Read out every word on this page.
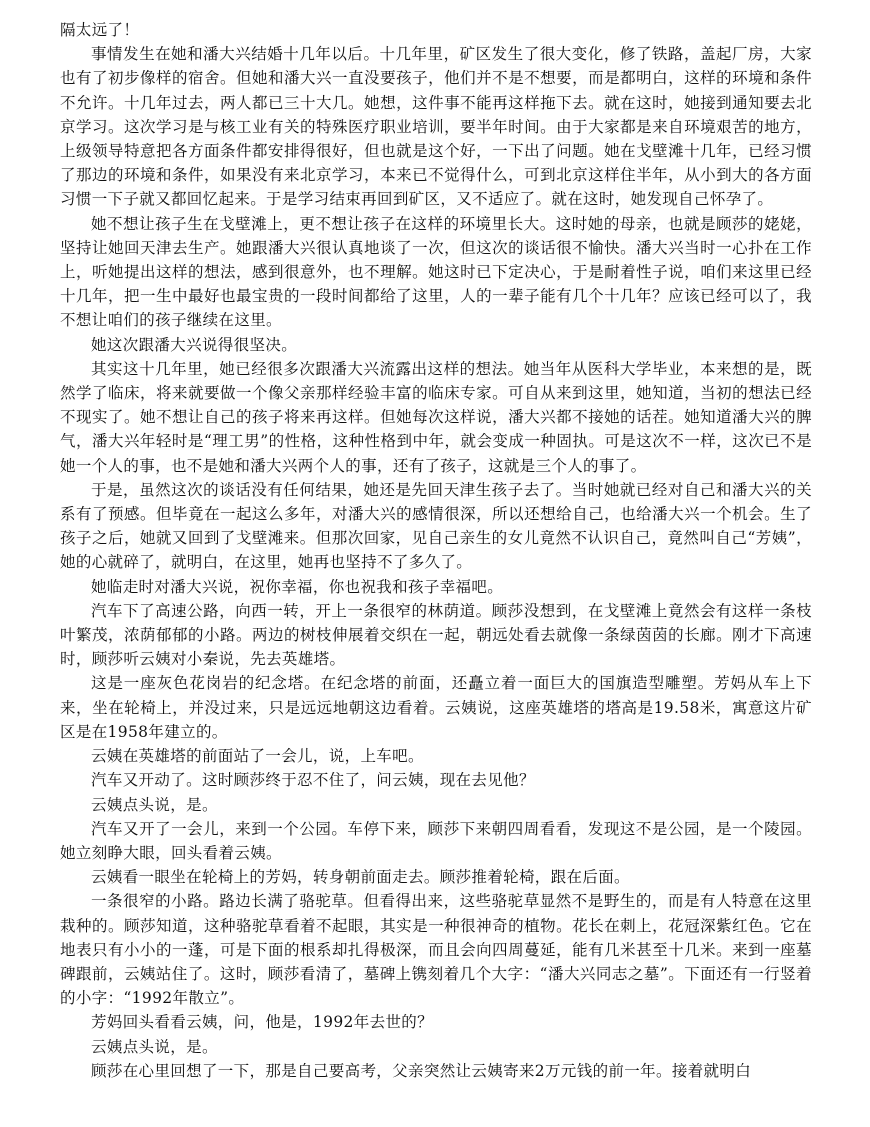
隔太远了！

事情发生在她和潘大兴结婚十几年以后。十几年里，矿区发生了很大变化，修了铁路，盖起厂房，大家也有了初步像样的宿舍。但她和潘大兴一直没要孩子，他们并不是不想要，而是都明白，这样的环境和条件不允许。十几年过去，两人都已三十大几。她想，这件事不能再这样拖下去。就在这时，她接到通知要去北京学习。这次学习是与核工业有关的特殊医疗职业培训，要半年时间。由于大家都是来自环境艰苦的地方，上级领导特意把各方面条件都安排得很好，但也就是这个好，一下出了问题。她在戈壁滩十几年，已经习惯了那边的环境和条件，如果没有来北京学习，本来已不觉得什么，可到北京这样住半年，从小到大的各方面习惯一下子就又都回忆起来。于是学习结束再回到矿区，又不适应了。就在这时，她发现自己怀孕了。

她不想让孩子生在戈壁滩上，更不想让孩子在这样的环境里长大。这时她的母亲，也就是顾莎的姥姥，坚持让她回天津去生产。她跟潘大兴很认真地谈了一次，但这次的谈话很不愉快。潘大兴当时一心扑在工作上，听她提出这样的想法，感到很意外，也不理解。她这时已下定决心，于是耐着性子说，咱们来这里已经十几年，把一生中最好也最宝贵的一段时间都给了这里，人的一辈子能有几个十几年？应该已经可以了，我不想让咱们的孩子继续在这里。

她这次跟潘大兴说得很坚决。

其实这十几年里，她已经很多次跟潘大兴流露出这样的想法。她当年从医科大学毕业，本来想的是，既然学了临床，将来就要做一个像父亲那样经验丰富的临床专家。可自从来到这里，她知道，当初的想法已经不现实了。她不想让自己的孩子将来再这样。但她每次这样说，潘大兴都不接她的话茬。她知道潘大兴的脾气，潘大兴年轻时是“理工男”的性格，这种性格到中年，就会变成一种固执。可是这次不一样，这次已不是她一个人的事，也不是她和潘大兴两个人的事，还有了孩子，这就是三个人的事了。

于是，虽然这次的谈话没有任何结果，她还是先回天津生孩子去了。当时她就已经对自己和潘大兴的关系有了预感。但毕竟在一起这么多年，对潘大兴的感情很深，所以还想给自己，也给潘大兴一个机会。生了孩子之后，她就又回到了戈壁滩来。但那次回家，见自己亲生的女儿竟然不认识自己，竟然叫自己“芳姨”，她的心就碎了，就明白，在这里，她再也坚持不了多久了。

她临走时对潘大兴说，祝你幸福，你也祝我和孩子幸福吧。

汽车下了高速公路，向西一转，开上一条很窄的林荫道。顾莎没想到，在戈壁滩上竟然会有这样一条枝叶繁茂，浓荫郁郁的小路。两边的树枝伸展着交织在一起，朝远处看去就像一条绿茵茵的长廊。刚才下高速时，顾莎听云姨对小秦说，先去英雄塔。

这是一座灰色花岗岩的纪念塔。在纪念塔的前面，还矗立着一面巨大的国旗造型雕塑。芳妈从车上下来，坐在轮椅上，并没过来，只是远远地朝这边看着。云姨说，这座英雄塔的塔高是19.58米，寓意这片矿区是在1958年建立的。

云姨在英雄塔的前面站了一会儿，说，上车吧。

汽车又开动了。这时顾莎终于忍不住了，问云姨，现在去见他？

云姨点头说，是。

汽车又开了一会儿，来到一个公园。车停下来，顾莎下来朝四周看看，发现这不是公园，是一个陵园。她立刻睁大眼，回头看着云姨。

云姨看一眼坐在轮椅上的芳妈，转身朝前面走去。顾莎推着轮椅，跟在后面。

一条很窄的小路。路边长满了骆驼草。但看得出来，这些骆驼草显然不是野生的，而是有人特意在这里栽种的。顾莎知道，这种骆驼草看着不起眼，其实是一种很神奇的植物。花长在刺上，花冠深紫红色。它在地表只有小小的一蓬，可是下面的根系却扎得极深，而且会向四周蔓延，能有几米甚至十几米。来到一座墓碑跟前，云姨站住了。这时，顾莎看清了，墓碑上镌刻着几个大字：“潘大兴同志之墓”。下面还有一行竖着的小字：“1992年散立”。

芳妈回头看看云姨，问，他是，1992年去世的？

云姨点头说，是。

顾莎在心里回想了一下，那是自己要高考，父亲突然让云姨寄来2万元钱的前一年。接着就明白
